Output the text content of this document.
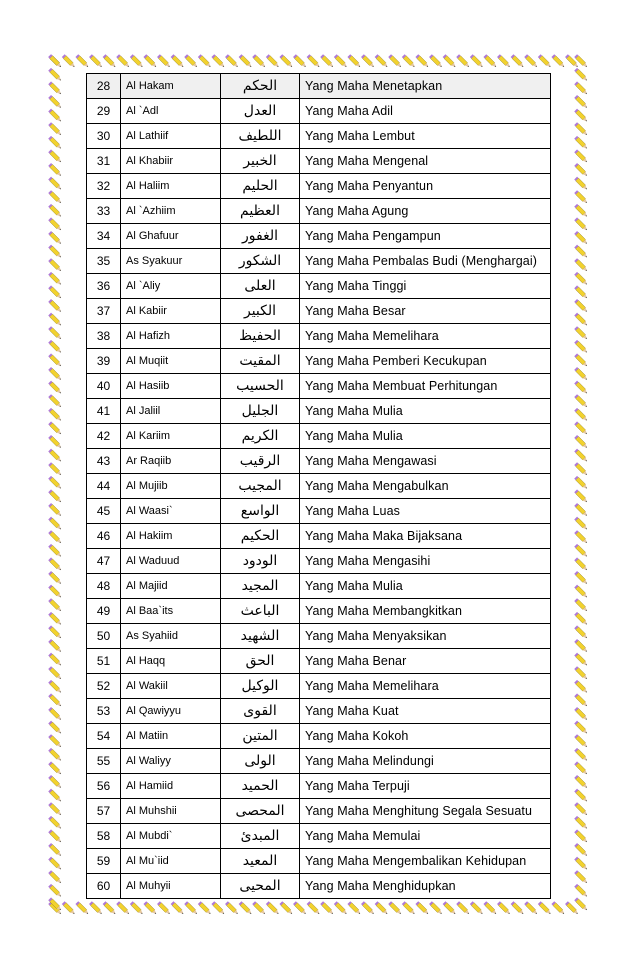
28	Al Hakam	الحكم	Yang Maha Menetapkan
29	Al `Adl	العدل	Yang Maha Adil
30	Al Lathiif	اللطيف	Yang Maha Lembut
31	Al Khabiir	الخبير	Yang Maha Mengenal
32	Al Haliim	الحليم	Yang Maha Penyantun
33	Al `Azhiim	العظيم	Yang Maha Agung
34	Al Ghafuur	الغفور	Yang Maha Pengampun
35	As Syakuur	الشكور	Yang Maha Pembalas Budi (Menghargai)
36	Al `Aliy	العلى	Yang Maha Tinggi
37	Al Kabiir	الكبير	Yang Maha Besar
38	Al Hafizh	الحفيظ	Yang Maha Memelihara
39	Al Muqiit	المقيت	Yang Maha Pemberi Kecukupan
40	Al Hasiib	الحسيب	Yang Maha Membuat Perhitungan
41	Al Jaliil	الجليل	Yang Maha Mulia
42	Al Kariim	الكريم	Yang Maha Mulia
43	Ar Raqiib	الرقيب	Yang Maha Mengawasi
44	Al Mujiib	المجيب	Yang Maha Mengabulkan
45	Al Waasi`	الواسع	Yang Maha Luas
46	Al Hakiim	الحكيم	Yang Maha Maka Bijaksana
47	Al Waduud	الودود	Yang Maha Mengasihi
48	Al Majiid	المجيد	Yang Maha Mulia
49	Al Baa`its	الباعث	Yang Maha Membangkitkan
50	As Syahiid	الشهيد	Yang Maha Menyaksikan
51	Al Haqq	الحق	Yang Maha Benar
52	Al Wakiil	الوكيل	Yang Maha Memelihara
53	Al Qawiyyu	القوى	Yang Maha Kuat
54	Al Matiin	المتين	Yang Maha Kokoh
55	Al Waliyy	الولى	Yang Maha Melindungi
56	Al Hamiid	الحميد	Yang Maha Terpuji
57	Al Muhshii	المحصى	Yang Maha Menghitung Segala Sesuatu
58	Al Mubdi`	المبدئ	Yang Maha Memulai
59	Al Mu`iid	المعيد	Yang Maha Mengembalikan Kehidupan
60	Al Muhyii	المحيى	Yang Maha Menghidupkan
